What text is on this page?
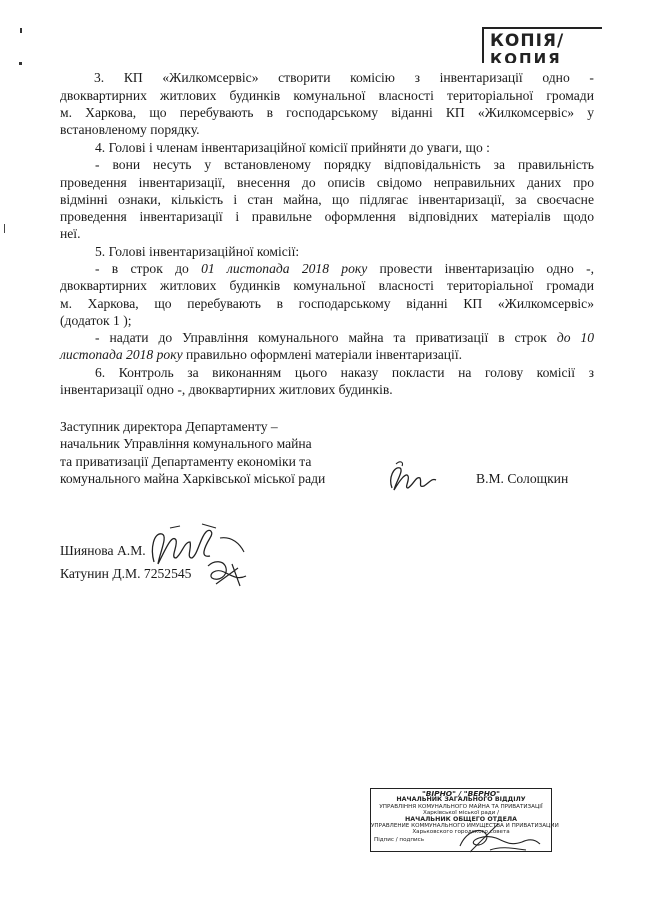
КОПІЯ/
КОПИЯ
3. КП «Жилкомсервіс» створити комісію з інвентаризації одно -
двоквартирних житлових будинків комунальної власності територіальної громади
м. Харкова, що перебувають в господарському віданні КП «Жилкомсервіс» у
встановленому порядку.
4. Голові і членам інвентаризаційної комісії прийняти до уваги, що :
- вони несуть у встановленому порядку відповідальність за правильність
проведення інвентаризації, внесення до описів свідомо неправильних даних про
відмінні ознаки, кількість і стан майна, що підлягає інвентаризації, за своєчасне
проведення інвентаризації і правильне оформлення відповідних матеріалів щодо
неї.
5. Голові інвентаризаційної комісії:
- в строк до 01 листопада 2018 року провести інвентаризацію одно -,
двоквартирних житлових будинків комунальної власності територіальної громади
м. Харкова, що перебувають в господарському віданні КП «Жилкомсервіс»
(додаток 1 );
- надати до Управління комунального майна та приватизації в строк до 10
листопада 2018 року правильно оформлені матеріали інвентаризації.
6. Контроль за виконанням цього наказу покласти на голову комісії з
інвентаризації одно -, двоквартирних житлових будинків.
Заступник директора Департаменту –
начальник Управління комунального майна
та приватизації Департаменту економіки та
комунального майна Харківської міської ради	В.М. Солощкин
Шиянова А.М.
Катунин Д.М. 7252545
"ВІРНО" / "ВЕРНО"
НАЧАЛЬНИК ЗАГАЛЬНОГО ВІДДІЛУ
УПРАВЛІННЯ КОМУНАЛЬНОГО МАЙНА ТА ПРИВАТИЗАЦІЇ
Харківської міської ради /
НАЧАЛЬНИК ОБЩЕГО ОТДЕЛА
УПРАВЛЕНИЕ КОММУНАЛЬНОГО ИМУЩЕСТВА И ПРИВАТИЗАЦИИ
Харьковского городского совета
Підпис / подпись
